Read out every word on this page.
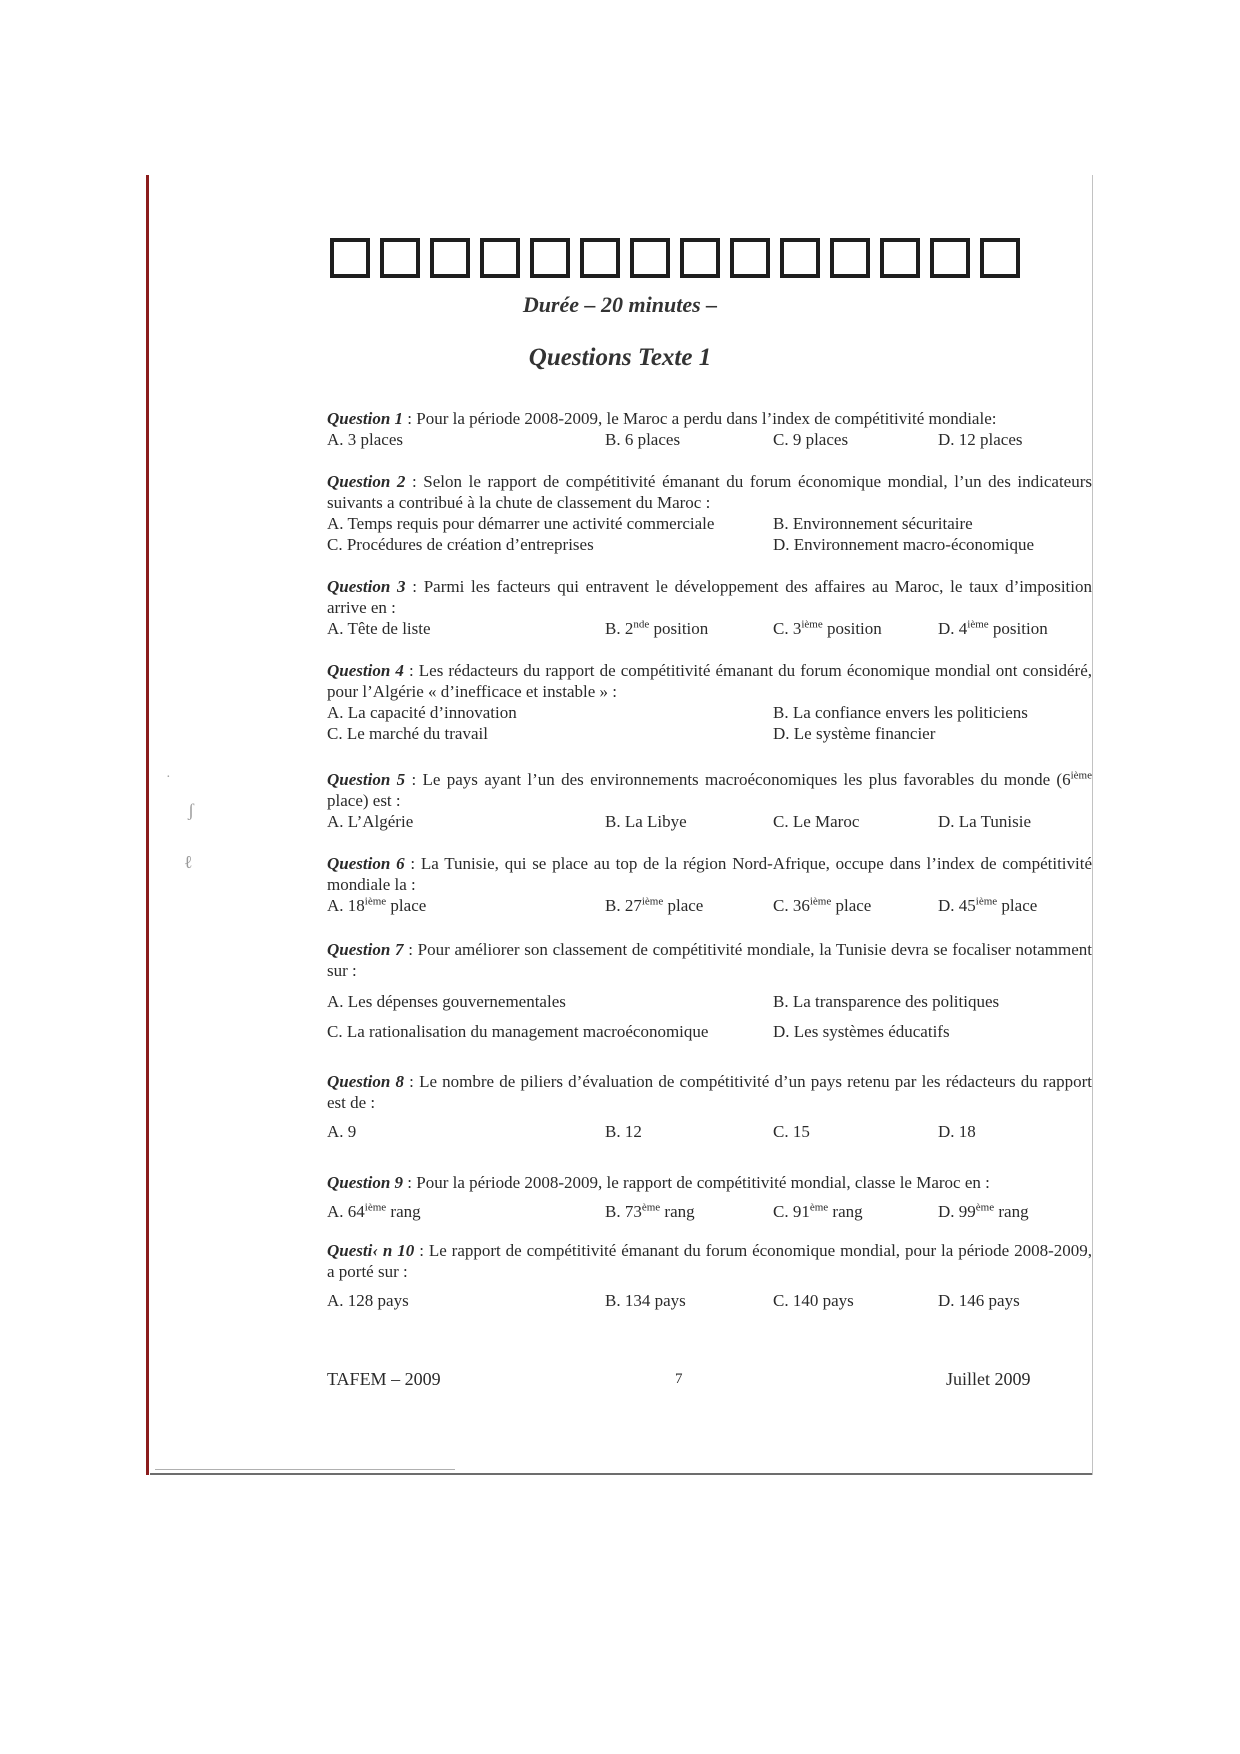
·
ʃ
ℓ
Durée – 20 minutes –
Questions Texte 1
Question 1 : Pour la période 2008-2009, le Maroc a perdu dans l’index de compétitivité mondiale:
A. 3 places	B. 6 places	C. 9 places	D. 12 places
Question 2 : Selon le rapport de compétitivité émanant du forum économique mondial, l’un des indicateurs suivants a contribué à la chute de classement du Maroc :
A. Temps requis pour démarrer une activité commerciale	B. Environnement sécuritaire
C. Procédures de création d’entreprises	D. Environnement macro-économique
Question 3 : Parmi les facteurs qui entravent le développement des affaires au Maroc, le taux d’imposition arrive en :
A. Tête de liste	B. 2nde position	C. 3ième position	D. 4ième position
Question 4 : Les rédacteurs du rapport de compétitivité émanant du forum économique mondial ont considéré, pour l’Algérie « d’inefficace et instable » :
A. La capacité d’innovation	B. La confiance envers les politiciens
C. Le marché du travail	D. Le système financier
Question 5 : Le pays ayant l’un des environnements macroéconomiques les plus favorables du monde (6ième place) est :
A. L’Algérie	B. La Libye	C. Le Maroc	D. La Tunisie
Question 6 : La Tunisie, qui se place au top de la région Nord-Afrique, occupe dans l’index de compétitivité mondiale la :
A. 18ième place	B. 27ième place	C. 36ième place	D. 45ième place
Question 7 : Pour améliorer son classement de compétitivité mondiale, la Tunisie devra se focaliser notamment sur :
A. Les dépenses gouvernementales	B. La transparence des politiques
C. La rationalisation du management macroéconomique	D. Les systèmes éducatifs
Question 8 : Le nombre de piliers d’évaluation de compétitivité d’un pays retenu par les rédacteurs du rapport est de :
A. 9	B. 12	C. 15	D. 18
Question 9 : Pour la période 2008-2009, le rapport de compétitivité mondial, classe le Maroc en :
A. 64ième rang	B. 73ème rang	C. 91ème rang	D. 99ème rang
Questi‹ n 10 : Le rapport de compétitivité émanant du forum économique mondial, pour la période 2008-2009, a porté sur :
A. 128 pays	B. 134 pays	C. 140 pays	D. 146 pays
TAFEM – 2009	7	Juillet 2009
